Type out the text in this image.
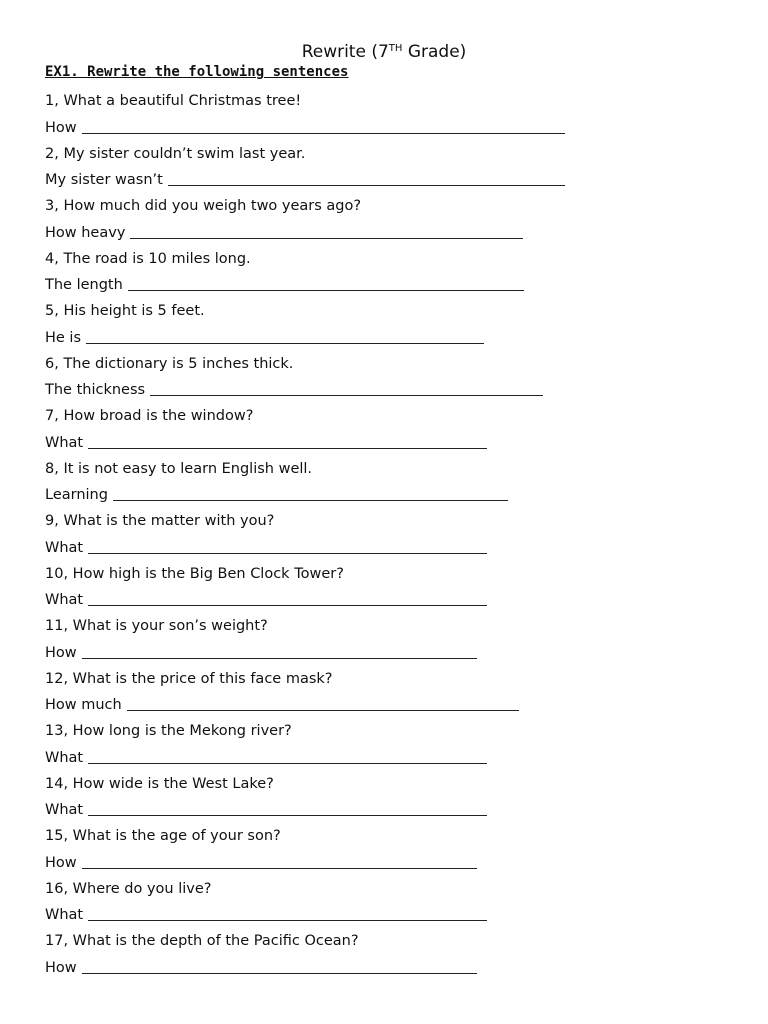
Rewrite (7TH Grade)
EX1. Rewrite the following sentences
1, What a beautiful Christmas tree!
How
2, My sister couldn’t swim last year.
My sister wasn’t
3, How much did you weigh two years ago?
How heavy
4, The road is 10 miles long.
The length
5, His height is 5 feet.
He is
6, The dictionary is 5 inches thick.
The thickness
7, How broad is the window?
What
8, It is not easy to learn English well.
Learning
9, What is the matter with you?
What
10, How high is the Big Ben Clock Tower?
What
11, What is your son’s weight?
How
12, What is the price of this face mask?
How much
13, How long is the Mekong river?
What
14, How wide is the West Lake?
What
15, What is the age of your son?
How
16, Where do you live?
What
17, What is the depth of the Pacific Ocean?
How
